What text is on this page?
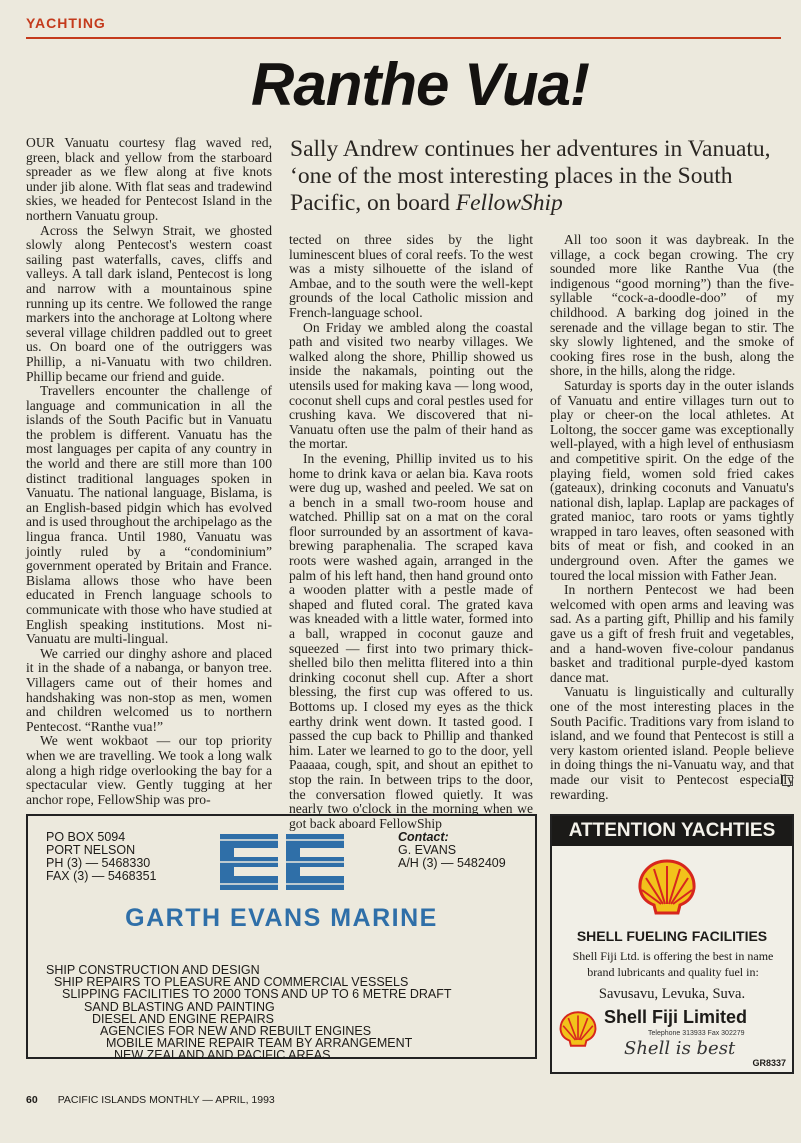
YACHTING
Ranthe Vua!
Sally Andrew continues her adventures in Vanuatu, ‘one of the most interesting places in the South Pacific, on board FellowShip

OUR Vanuatu courtesy flag waved red, green, black and yellow from the starboard spreader as we flew along at five knots under jib alone. With flat seas and tradewind skies, we headed for Pentecost Island in the northern Vanuatu group.

Across the Selwyn Strait, we ghosted slowly along Pentecost's western coast sailing past waterfalls, caves, cliffs and valleys. A tall dark island, Pentecost is long and narrow with a mountainous spine running up its centre. We followed the range markers into the anchorage at Loltong where several village children paddled out to greet us. On board one of the outriggers was Phillip, a ni-Vanuatu with two children. Phillip became our friend and guide.

Travellers encounter the challenge of language and communication in all the islands of the South Pacific but in Vanuatu the problem is different. Vanuatu has the most languages per capita of any country in the world and there are still more than 100 distinct traditional languages spoken in Vanuatu. The national language, Bislama, is an English-based pidgin which has evolved and is used throughout the archipelago as the lingua franca. Until 1980, Vanuatu was jointly ruled by a “condominium” government operated by Britain and France. Bislama allows those who have been educated in French language schools to communicate with those who have studied at English speaking institutions. Most ni-Vanuatu are multi-lingual.

We carried our dinghy ashore and placed it in the shade of a nabanga, or banyon tree. Villagers came out of their homes and handshaking was non-stop as men, women and children welcomed us to northern Pentecost. “Ranthe vua!”

We went wokbaot — our top priority when we are travelling. We took a long walk along a high ridge overlooking the bay for a spectacular view. Gently tugging at her anchor rope, FellowShip was pro-

tected on three sides by the light luminescent blues of coral reefs. To the west was a misty silhouette of the island of Ambae, and to the south were the well-kept grounds of the local Catholic mission and French-language school.

On Friday we ambled along the coastal path and visited two nearby villages. We walked along the shore, Phillip showed us inside the nakamals, pointing out the utensils used for making kava — long wood, coconut shell cups and coral pestles used for crushing kava. We discovered that ni-Vanuatu often use the palm of their hand as the mortar.

In the evening, Phillip invited us to his home to drink kava or aelan bia. Kava roots were dug up, washed and peeled. We sat on a bench in a small two-room house and watched. Phillip sat on a mat on the coral floor surrounded by an assortment of kava-brewing paraphenalia. The scraped kava roots were washed again, arranged in the palm of his left hand, then hand ground onto a wooden platter with a pestle made of shaped and fluted coral. The grated kava was kneaded with a little water, formed into a ball, wrapped in coconut gauze and squeezed — first into two primary thick-shelled bilo then melitta flitered into a thin drinking coconut shell cup. After a short blessing, the first cup was offered to us. Bottoms up. I closed my eyes as the thick earthy drink went down. It tasted good. I passed the cup back to Phillip and thanked him. Later we learned to go to the door, yell Paaaaa, cough, spit, and shout an epithet to stop the rain. In between trips to the door, the conversation flowed quietly. It was nearly two o'clock in the morning when we got back aboard FellowShip

All too soon it was daybreak. In the village, a cock began crowing. The cry sounded more like Ranthe Vua (the indigenous “good morning”) than the five-syllable “cock-a-doodle-doo” of my childhood. A barking dog joined in the serenade and the village began to stir. The sky slowly lightened, and the smoke of cooking fires rose in the bush, along the shore, in the hills, along the ridge.

Saturday is sports day in the outer islands of Vanuatu and entire villages turn out to play or cheer-on the local athletes. At Loltong, the soccer game was exceptionally well-played, with a high level of enthusiasm and competitive spirit. On the edge of the playing field, women sold fried cakes (gateaux), drinking coconuts and Vanuatu's national dish, laplap. Laplap are packages of grated manioc, taro roots or yams tightly wrapped in taro leaves, often seasoned with bits of meat or fish, and cooked in an underground oven. After the games we toured the local mission with Father Jean.

In northern Pentecost we had been welcomed with open arms and leaving was sad. As a parting gift, Phillip and his family gave us a gift of fresh fruit and vegetables, and a hand-woven five-colour pandanus basket and traditional purple-dyed kastom dance mat.

Vanuatu is linguistically and culturally one of the most interesting places in the South Pacific. Traditions vary from island to island, and we found that Pentecost is still a very kastom oriented island. People believe in doing things the ni-Vanuatu way, and that made our visit to Pentecost especially rewarding.

PO BOX 5094
PORT NELSON
PH (3) — 5468330
FAX (3) — 5468351
Contact:
G. EVANS
A/H (3) — 5482409
GARTH EVANS MARINE
SHIP CONSTRUCTION AND DESIGN
SHIP REPAIRS TO PLEASURE AND COMMERCIAL VESSELS
SLIPPING FACILITIES TO 2000 TONS AND UP TO 6 METRE DRAFT
SAND BLASTING AND PAINTING
DIESEL AND ENGINE REPAIRS
AGENCIES FOR NEW AND REBUILT ENGINES
MOBILE MARINE REPAIR TEAM BY ARRANGEMENT
NEW ZEALAND AND PACIFIC AREAS
ATTENTION YACHTIES
SHELL FUELING FACILITIES
Shell Fiji Ltd. is offering the best in name brand lubricants and quality fuel in:
Savusavu, Levuka, Suva.
Shell Fiji Limited
Telephone 313933 Fax 302279
Shell is best
GR8337
60 PACIFIC ISLANDS MONTHLY — APRIL, 1993
